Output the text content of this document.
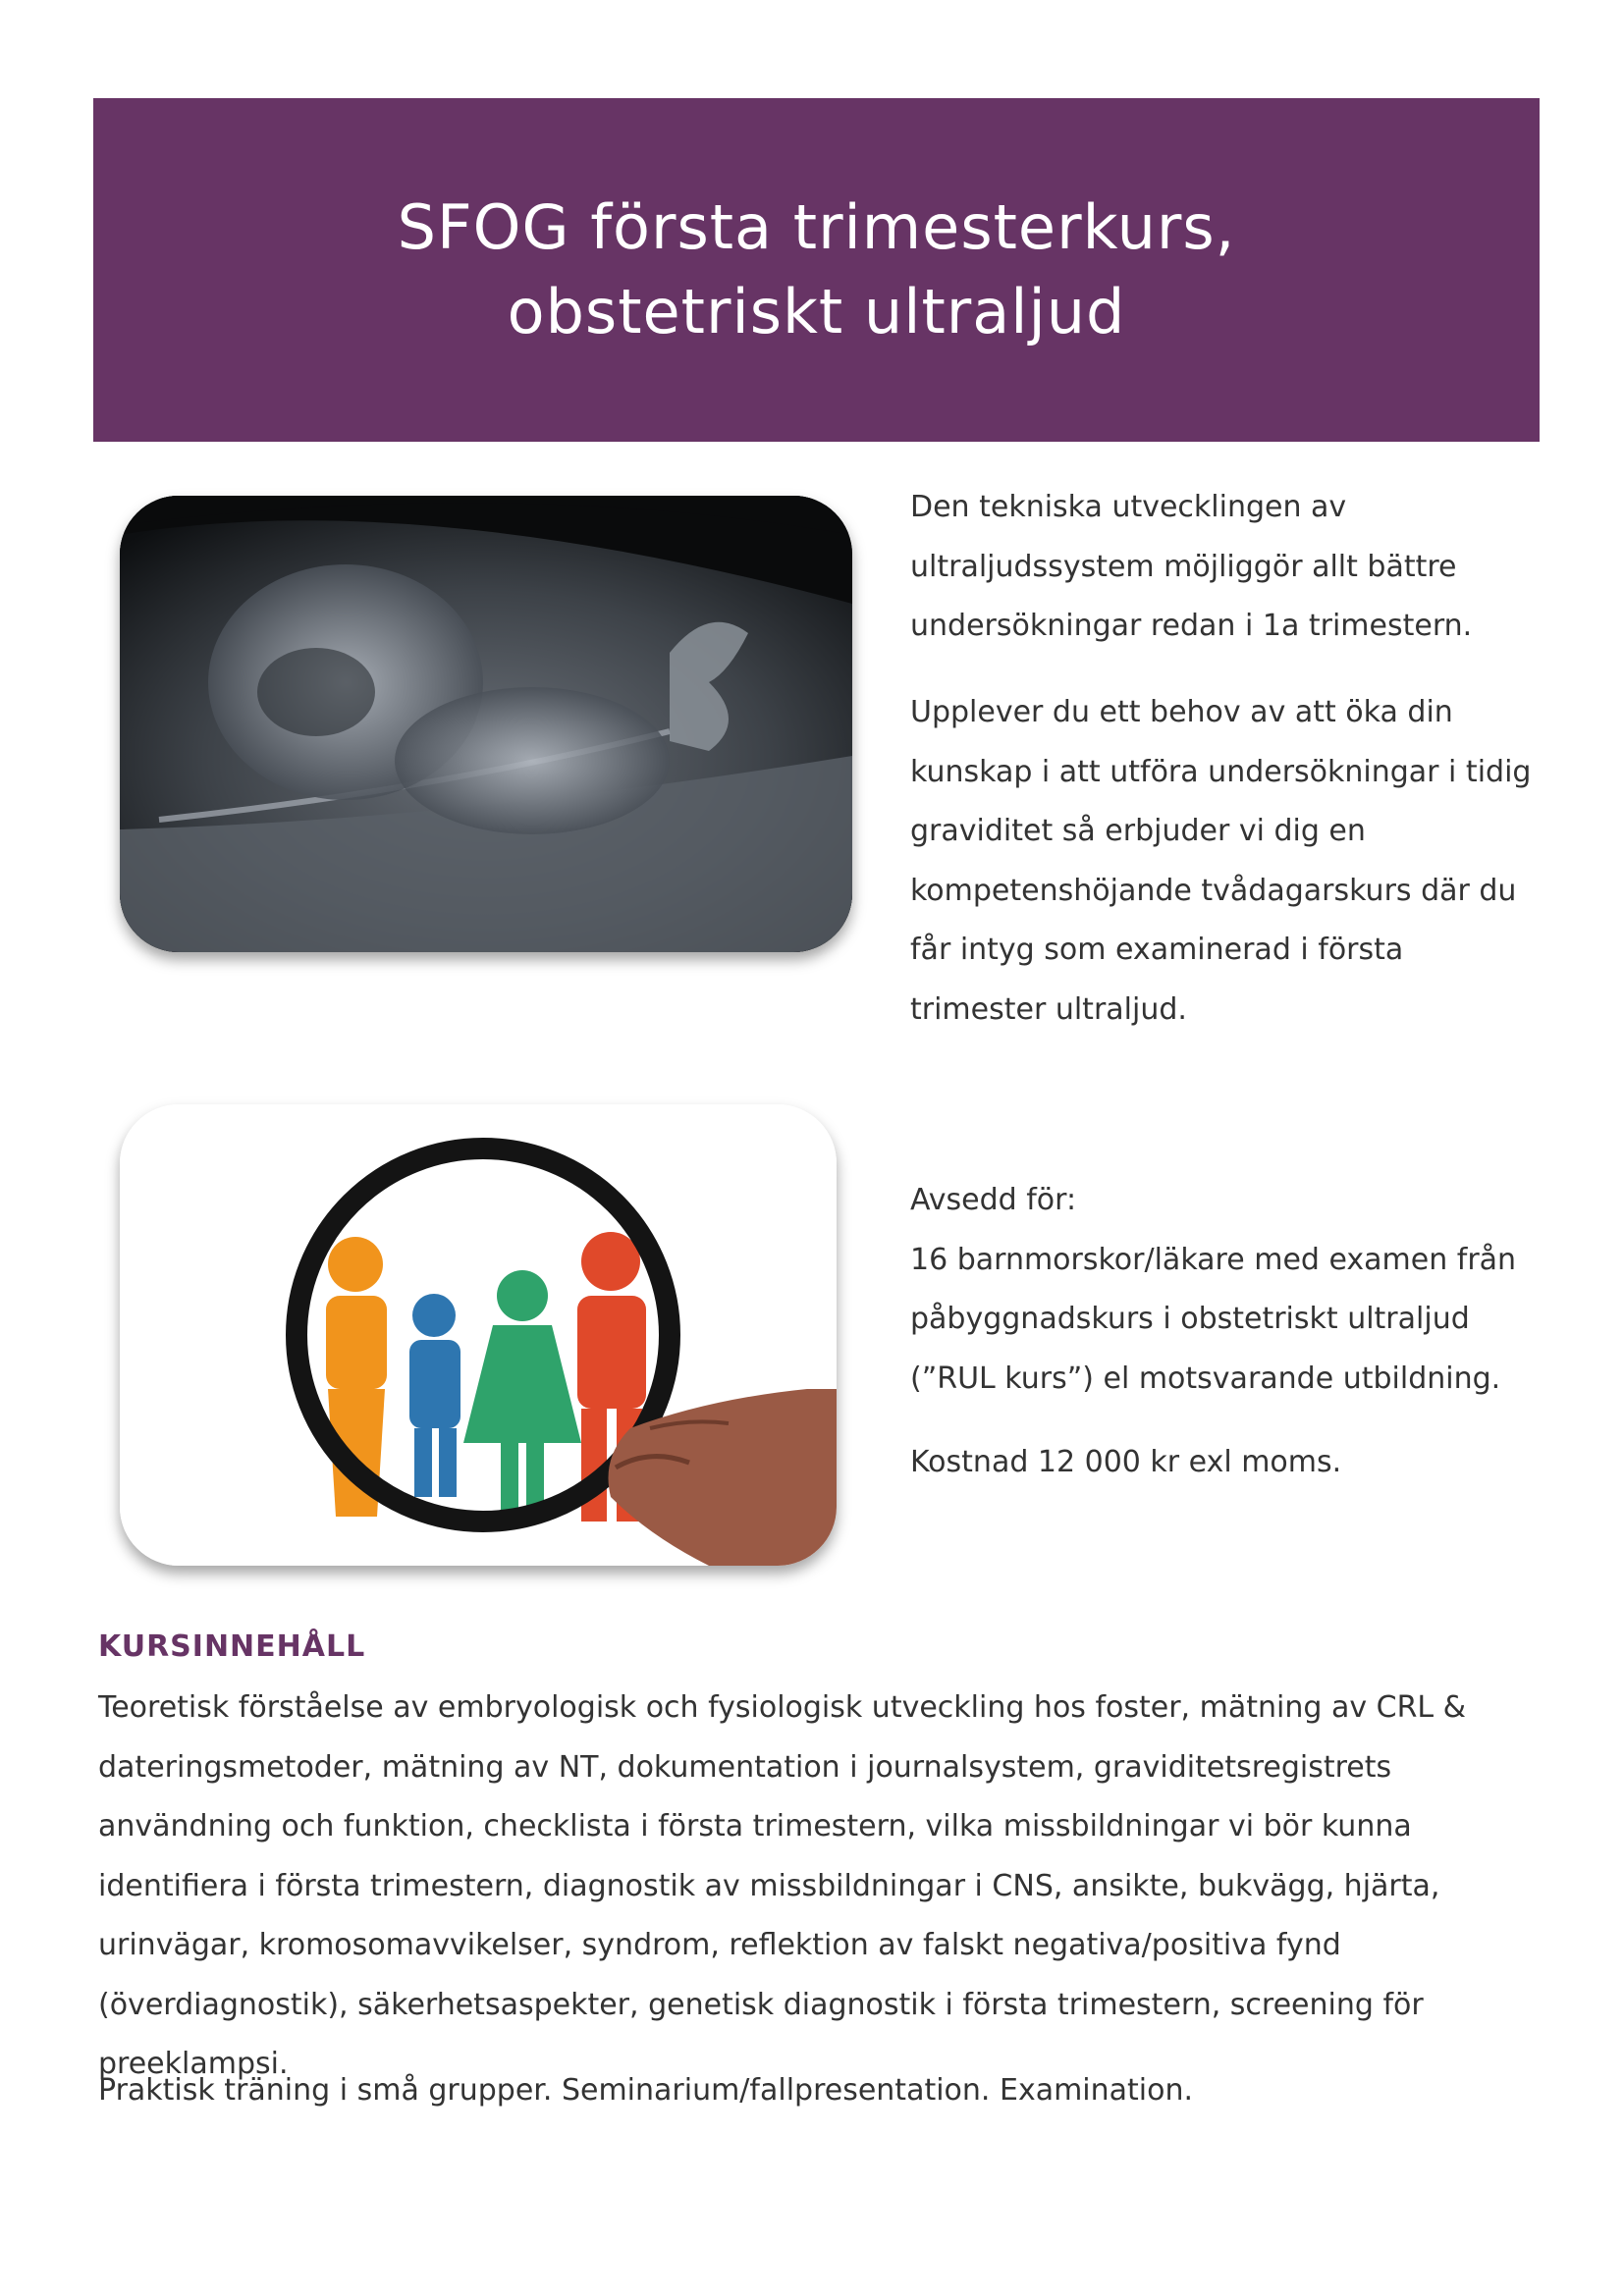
SFOG första trimesterkurs,
obstetriskt ultraljud
Den tekniska utvecklingen av ultraljudssystem möjliggör allt bättre undersökningar redan i 1a trimestern.
Upplever du ett behov av att öka din kunskap i att utföra undersökningar i tidig graviditet så erbjuder vi dig en kompetenshöjande tvådagarskurs där du får intyg som examinerad i första trimester ultraljud.
Avsedd för:
16 barnmorskor/läkare med examen från påbyggnadskurs i obstetriskt ultraljud (”RUL kurs”) el motsvarande utbildning.
Kostnad 12 000 kr exl moms.
KURSINNEHÅLL
Teoretisk förståelse av embryologisk och fysiologisk utveckling hos foster, mätning av CRL & dateringsmetoder, mätning av NT, dokumentation i journalsystem, graviditetsregistrets användning och funktion, checklista i första trimestern, vilka missbildningar vi bör kunna identifiera i första trimestern, diagnostik av missbildningar i CNS, ansikte, bukvägg, hjärta, urinvägar, kromosomavvikelser, syndrom, reflektion av falskt negativa/positiva fynd (överdiagnostik), säkerhetsaspekter, genetisk diagnostik i första trimestern, screening för preeklampsi.
Praktisk träning i små grupper. Seminarium/fallpresentation. Examination.
